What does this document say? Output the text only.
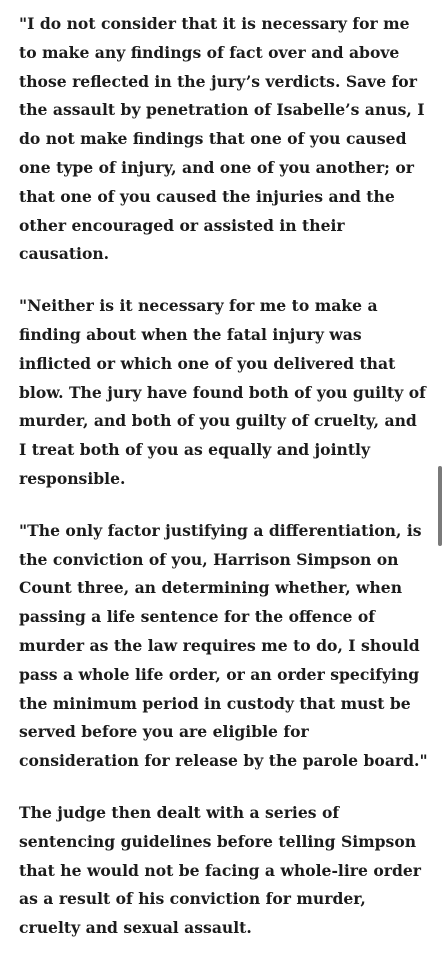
"I do not consider that it is necessary for me to make any findings of fact over and above those reflected in the jury’s verdicts. Save for the assault by penetration of Isabelle’s anus, I do not make findings that one of you caused one type of injury, and one of you another; or that one of you caused the injuries and the other encouraged or assisted in their causation.

"Neither is it necessary for me to make a finding about when the fatal injury was inflicted or which one of you delivered that blow. The jury have found both of you guilty of murder, and both of you guilty of cruelty, and I treat both of you as equally and jointly responsible.

"The only factor justifying a differentiation, is the conviction of you, Harrison Simpson on Count three, an determining whether, when passing a life sentence for the offence of murder as the law requires me to do, I should pass a whole life order, or an order specifying the minimum period in custody that must be served before you are eligible for consideration for release by the parole board."

The judge then dealt with a series of sentencing guidelines before telling Simpson that he would not be facing a whole-lire order as a result of his conviction for murder, cruelty and sexual assault.
